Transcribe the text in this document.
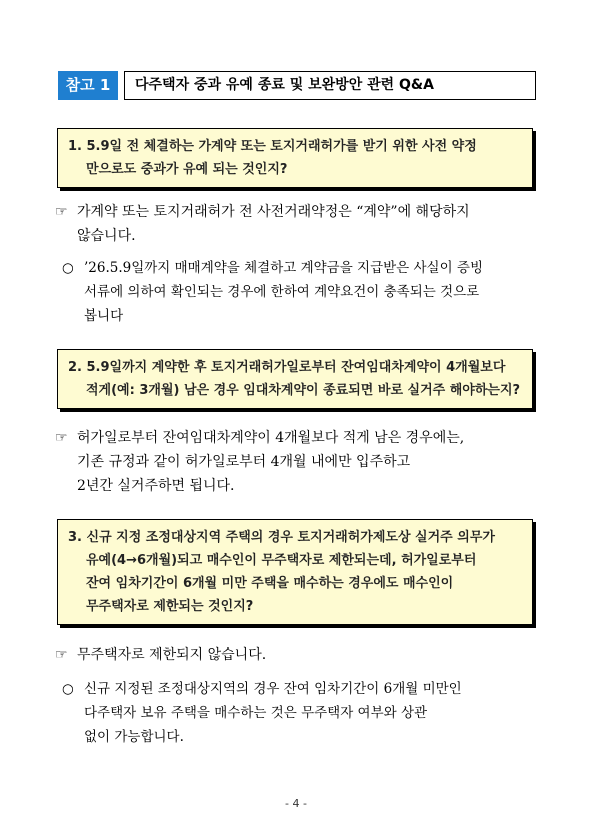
참고 1	다주택자 중과 유예 종료 및 보완방안 관련 Q&A
1. 5.9일 전 체결하는 가계약 또는 토지거래허가를 받기 위한 사전 약정
만으로도 중과가 유예 되는 것인지?
☞ 가계약 또는 토지거래허가 전 사전거래약정은 “계약”에 해당하지
않습니다.
○ ’26.5.9일까지 매매계약을 체결하고 계약금을 지급받은 사실이 증빙
서류에 의하여 확인되는 경우에 한하여 계약요건이 충족되는 것으로
봅니다
2. 5.9일까지 계약한 후 토지거래허가일로부터 잔여임대차계약이 4개월보다
적게(예: 3개월) 남은 경우 임대차계약이 종료되면 바로 실거주 해야하는지?
☞ 허가일로부터 잔여임대차계약이 4개월보다 적게 남은 경우에는,
기존 규정과 같이 허가일로부터 4개월 내에만 입주하고
2년간 실거주하면 됩니다.
3. 신규 지정 조정대상지역 주택의 경우 토지거래허가제도상 실거주 의무가
유예(4→6개월)되고 매수인이 무주택자로 제한되는데, 허가일로부터
잔여 임차기간이 6개월 미만 주택을 매수하는 경우에도 매수인이
무주택자로 제한되는 것인지?
☞ 무주택자로 제한되지 않습니다.
○ 신규 지정된 조정대상지역의 경우 잔여 임차기간이 6개월 미만인
다주택자 보유 주택을 매수하는 것은 무주택자 여부와 상관
없이 가능합니다.
- 4 -
